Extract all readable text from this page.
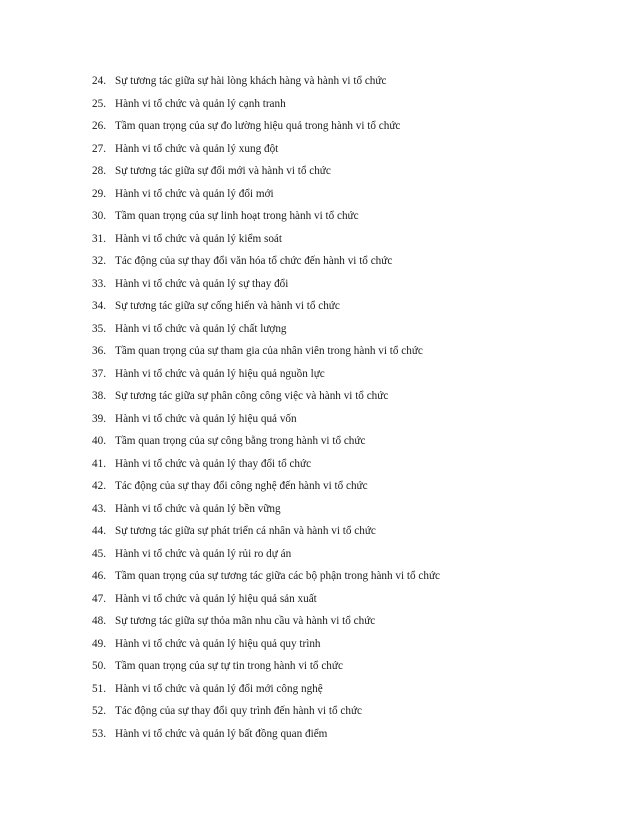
24. Sự tương tác giữa sự hài lòng khách hàng và hành vi tổ chức
25. Hành vi tổ chức và quản lý cạnh tranh
26. Tầm quan trọng của sự đo lường hiệu quả trong hành vi tổ chức
27. Hành vi tổ chức và quản lý xung đột
28. Sự tương tác giữa sự đổi mới và hành vi tổ chức
29. Hành vi tổ chức và quản lý đổi mới
30. Tầm quan trọng của sự linh hoạt trong hành vi tổ chức
31. Hành vi tổ chức và quản lý kiểm soát
32. Tác động của sự thay đổi văn hóa tổ chức đến hành vi tổ chức
33. Hành vi tổ chức và quản lý sự thay đổi
34. Sự tương tác giữa sự cống hiến và hành vi tổ chức
35. Hành vi tổ chức và quản lý chất lượng
36. Tầm quan trọng của sự tham gia của nhân viên trong hành vi tổ chức
37. Hành vi tổ chức và quản lý hiệu quả nguồn lực
38. Sự tương tác giữa sự phân công công việc và hành vi tổ chức
39. Hành vi tổ chức và quản lý hiệu quả vốn
40. Tầm quan trọng của sự công bằng trong hành vi tổ chức
41. Hành vi tổ chức và quản lý thay đổi tổ chức
42. Tác động của sự thay đổi công nghệ đến hành vi tổ chức
43. Hành vi tổ chức và quản lý bền vững
44. Sự tương tác giữa sự phát triển cá nhân và hành vi tổ chức
45. Hành vi tổ chức và quản lý rủi ro dự án
46. Tầm quan trọng của sự tương tác giữa các bộ phận trong hành vi tổ chức
47. Hành vi tổ chức và quản lý hiệu quả sản xuất
48. Sự tương tác giữa sự thỏa mãn nhu cầu và hành vi tổ chức
49. Hành vi tổ chức và quản lý hiệu quả quy trình
50. Tầm quan trọng của sự tự tin trong hành vi tổ chức
51. Hành vi tổ chức và quản lý đổi mới công nghệ
52. Tác động của sự thay đổi quy trình đến hành vi tổ chức
53. Hành vi tổ chức và quản lý bất đồng quan điểm
